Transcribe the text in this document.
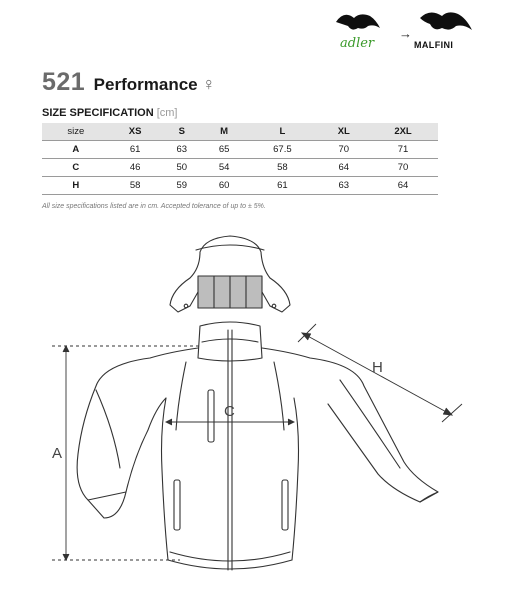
adler
→
MALFINI
521 Performance ♀
SIZE SPECIFICATION [cm]
size	XS	S	M	L	XL	2XL
A	61	63	65	67.5	70	71
C	46	50	54	58	64	70
H	58	59	60	61	63	64
All size specifications listed are in cm. Accepted tolerance of up to ± 5%.
A
C
H
